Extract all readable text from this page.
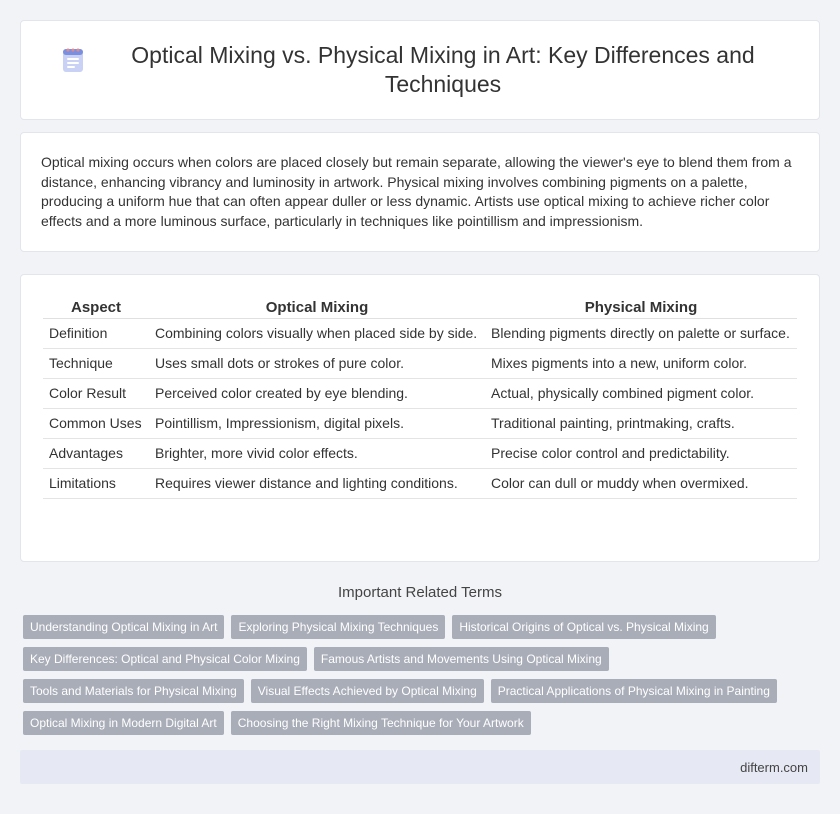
Optical Mixing vs. Physical Mixing in Art: Key Differences and Techniques

Optical mixing occurs when colors are placed closely but remain separate, allowing the viewer's eye to blend them from a distance, enhancing vibrancy and luminosity in artwork. Physical mixing involves combining pigments on a palette, producing a uniform hue that can often appear duller or less dynamic. Artists use optical mixing to achieve richer color effects and a more luminous surface, particularly in techniques like pointillism and impressionism.

Aspect	Optical Mixing	Physical Mixing
Definition	Combining colors visually when placed side by side.	Blending pigments directly on palette or surface.
Technique	Uses small dots or strokes of pure color.	Mixes pigments into a new, uniform color.
Color Result	Perceived color created by eye blending.	Actual, physically combined pigment color.
Common Uses	Pointillism, Impressionism, digital pixels.	Traditional painting, printmaking, crafts.
Advantages	Brighter, more vivid color effects.	Precise color control and predictability.
Limitations	Requires viewer distance and lighting conditions.	Color can dull or muddy when overmixed.
Important Related Terms
Understanding Optical Mixing in Art	Exploring Physical Mixing Techniques	Historical Origins of Optical vs. Physical Mixing
Key Differences: Optical and Physical Color Mixing	Famous Artists and Movements Using Optical Mixing
Tools and Materials for Physical Mixing	Visual Effects Achieved by Optical Mixing	Practical Applications of Physical Mixing in Painting
Optical Mixing in Modern Digital Art	Choosing the Right Mixing Technique for Your Artwork
difterm.com
